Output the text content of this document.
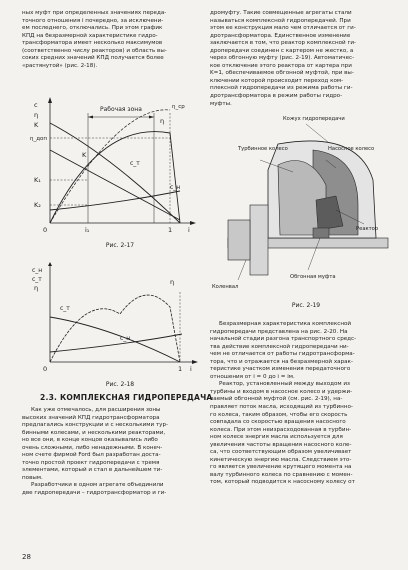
ных муфт при определенных значениях переда-

точного отношения i почередно, за исключени-

ем последнего, отключались. При этом график

КПД на безразмерной характеристике гидро-

трансформатора имеет несколько максимумов

(соответственно числу реакторов) и область вы-

соких средних значений КПД получается более

«растянутой» (рис. 2-18).

Рабочая зона
c
η
K
η_доп
K₁
K₂
0	i₁	1 i
η
η_ср
c_т
c_н
K
Рис. 2-17
c_н
c_т
η
0	1 i
c_т
η
c_н
Рис. 2-18
2.3. КОМПЛЕКСНАЯ ГИДРОПЕРЕДАЧА

Как уже отмечалось, для расширения зоны

высоких значений КПД гидротрансформатора

предлагались конструкции и с несколькими тур-

бинными колесами, и несколькими реакторами,

но все они, в конце концов оказывались либо

очень сложными, либо ненадежными. В конеч-

ном счете фирмой Ford был разработан доста-

точно простой проект гидропередачи с тремя

элементами, который и стал в дальнейшем ти-

повым.

Разработчики в одном агрегате объединили

две гидропередачи – гидротрансформатор и ги-

дромуфту. Такие совмещенные агрегаты стали

называться комплексной гидропередачей. При

этом ее конструкция мало чем отличается от ги-

дротрансформатора. Единственное изменение

заключается в том, что реактор комплексной ги-

дропередачи соединен с картером не жестко, а

через обгонную муфту (рис. 2-19). Автоматичес-

кое отключение этого реактора от картера при

K=1, обеспечиваемое обгонной муфтой, при вы-

ключении которой происходит переход ком-

плексной гидропередачи из режима работы ги-

дротрансформатора в режим работы гидро-

муфты.

Кожух гидропередачи
Турбинное колесо	Насосное колесо
Реактор
Обгонная муфта
Коленвал
Рис. 2-19

Безразмерная характеристика комплексной

гидропередачи представлена на рис. 2-20. На

начальной стадии разгона транспортного средс-

тва действие комплексной гидропередачи ни-

чем не отличается от работы гидротрансформа-

тора, что и отражается на безразмерной харак-

теристике участком изменения передаточного

отношения от i = 0 до i = iм.

Реактор, установленный между выходом из

турбины и входом в насосное колесо и удержи-

ваемый обгонной муфтой (см. рис. 2-19), на-

правляет поток масла, исходящий из турбинно-

го колеса, таким образом, чтобы его скорость

совпадала со скоростью вращения насосного

колеса. При этом неизрасходованная в турбин-

ном колесе энергия масла используется для

увеличения частоты вращения насосного коле-

са, что соответствующим образом увеличивает

кинетическую энергию масла. Следствием это-

го является увеличение крутящего момента на

валу турбинного колеса по сравнению с момен-

том, который подводится к насосному колесу от

28
